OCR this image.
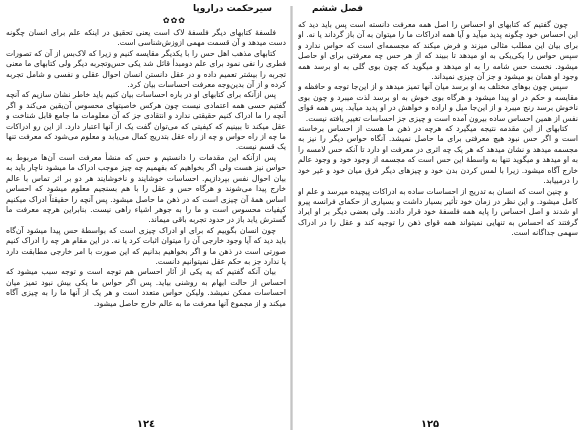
سیرحکمت دراروپا
✿✿✿

فلسفهٔ کتابهای دیگر فلسفهٔ لاک است یعنی تحقیق در اینکه علم برای انسان چگونه دست میدهد و آن قسمت مهمی ازوزش‌شناسی است.

کتابهای مذهب اهل حس را با یکدیگر مقایسه کنیم و زیرا که لاک‌بس از آن که تصورات فطری را نفی نمود برای علم دومبدأ قائل شد یکی حس‌وتجربه دیگر ولی کتابهای ما معنی تجربه را بیشتر تعمیم داده و در عقل دانستن انسان احوال عقلی و نفسی و شامل تجربه کرده و از آن بدین‌وجه معرفت احساسات بیان کرد.

پس ازآنکه برای کتابهای او در باره احساسات بیان کنیم باید خاطر نشان سازیم که آنچه گفتیم حسی همه اعتمادی نیست چون هرکس خاصیتهای محسوس آن‌یقین می‌کند و اگر آنچه را ما ادراک کنیم حقیقتی ندارد و انتقادی جز که آن معلومات ما جامع قابل شناخت و عقل میکند تا ببینیم که کیفیتی که می‌توان گفت یک از آنها اعتبار دارد. از این رو ادراکات ما چه از راه حواس و چه از راه عقل بتدریج کمال می‌یابد و معلوم می‌شود که معرفت تنها یک قسم نیست.

پس ازآنکه این مقدمات را دانستیم و حس که منشأ معرفت است آن‌ها مربوط به حواس نیز هست ولی اگر بخواهیم که بفهمیم چه چیز موجب ادراک ما میشود ناچار باید به بیان احوال نفس بپردازیم. احساسات خوشایند و ناخوشایند هر دو بر اثر تماس با عالم خارج پیدا می‌شوند و هرگاه حس و عقل را با هم بسنجیم معلوم میشود که احساس اساس همهٔ آن چیزی است که در ذهن ما حاصل میشود. پس آنچه را حقیقتاً ادراک میکنیم کیفیات محسوس است و ما را به جوهر اشیاء راهی نیست. بنابراین هرچه معرفت ما گسترش یابد باز در حدود تجربه باقی میماند.

چون انسان بگوییم که برای او ادراک چیزی است که بواسطهٔ حس پیدا میشود آن‌گاه باید دید که آیا وجود خارجی آن را میتوان اثبات کرد یا نه. در این مقام هر چه را ادراک کنیم صورتی است در ذهن ما و اگر بخواهیم بدانیم که این صورت با امر خارجی مطابقت دارد یا ندارد جز به حکم عقل نمیتوانیم دانست.

بیان آنکه گفتیم که یه یکی از آثار احساس هم توجه است و توجه سبب میشود که احساس از حالت ابهام به روشنی بیاید. پس اگر حواس ما یکی بیش نبود تمیز میان احساسات ممکن نمیشد. ولیکن حواس متعدد است و هر یک از آنها ما را به چیزی آگاه میکند و از مجموع آنها معرفت ما به عالم خارج حاصل میشود.

۱۲٤
فصل ششم

چون گفتیم که کتابهای او احساس را اصل همه معرفت دانسته است پس باید دید که این احساس خود چگونه پدید میآید و آیا همه ادراکات ما را میتوان به آن باز گرداند یا نه. او برای بیان این مطلب مثالی میزند و فرض میکند که مجسمه‌ای است که حواس ندارد و سپس حواس را یکی‌یکی به او میدهد تا ببیند که از هر حس چه معرفتی برای او حاصل میشود. نخست حس شامه را به او میدهد و میگوید که چون بوی گلی به او برسد همه وجود او همان بو میشود و جز آن چیزی نمیداند.

سپس چون بوهای مختلف به او برسد میان آنها تمیز میدهد و از این‌جا توجه و حافظه و مقایسه و حکم در او پیدا میشود و هرگاه بوی خوش به او برسد لذت میبرد و چون بوی ناخوش برسد رنج میبرد و از این‌جا میل و اراده و خواهش در او پدید میآید. پس همه قوای نفس از همین احساس ساده بیرون آمده است و چیزی جز احساسات تغییر یافته نیست.

کتابهای از این مقدمه نتیجه میگیرد که هرچه در ذهن ما هست از احساس برخاسته است و اگر حس نبود هیچ معرفتی برای ما حاصل نمیشد. آنگاه حواس دیگر را نیز به مجسمه میدهد و نشان میدهد که هر یک چه اثری در معرفت او دارد تا آنکه حس لامسه را به او میدهد و میگوید تنها به واسطهٔ این حس است که مجسمه از وجود خود و وجود عالم خارج آگاه میشود. زیرا با لمس کردن بدن خود و چیزهای دیگر فرق میان خود و غیر خود را درمییابد.

و چنین است که انسان به تدریج از احساسات ساده به ادراکات پیچیده میرسد و علم او کامل میشود. و این نظر در زمان خود تأثیر بسیار داشت و بسیاری از حکمای فرانسه پیرو او شدند و اصل احساس را پایه همه فلسفهٔ خود قرار دادند. ولی بعضی دیگر بر او ایراد گرفتند که احساس به تنهایی نمیتواند همه قوای ذهن را توجیه کند و عقل را در ادراک سهمی جداگانه است.

۱۲۵
